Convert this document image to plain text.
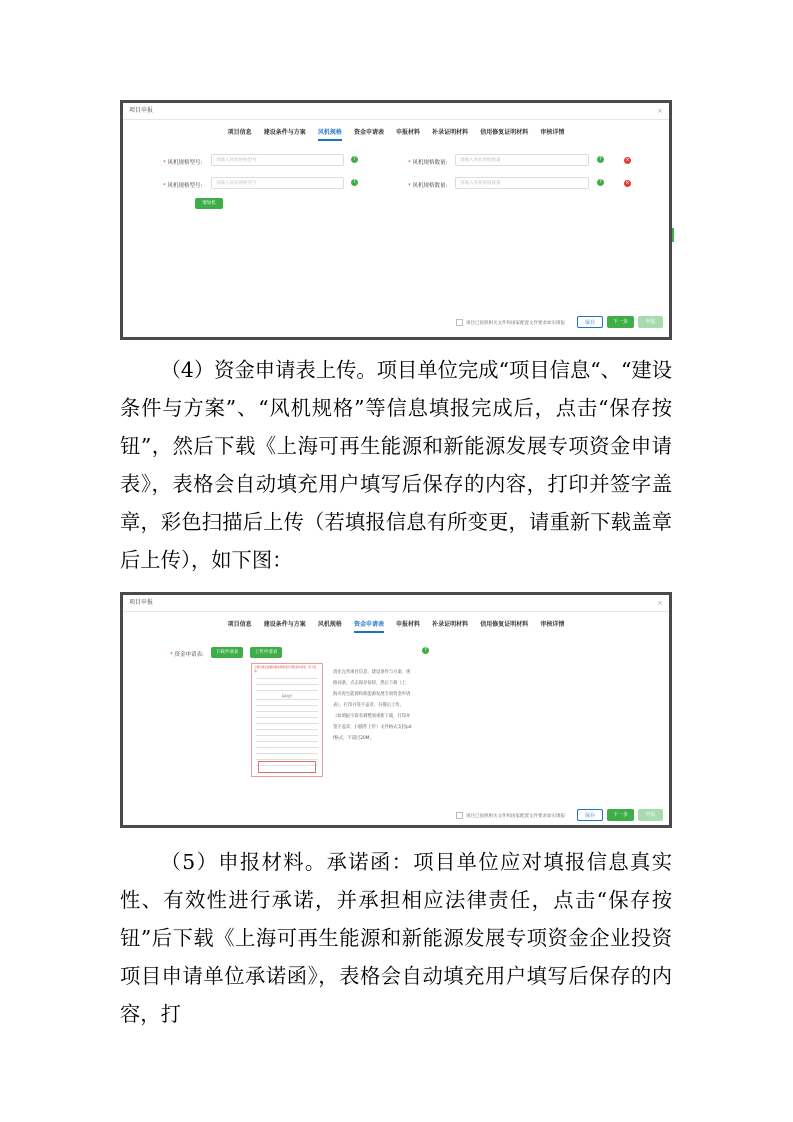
项目申报	×
项目信息 建设条件与方案 风机规格 资金申请表 申报材料 补录证明材料 信用修复证明材料 审核详情
* 风机规格型号:	请输入风机规格型号	?
* 风机规格数量:	请输入风机规格数量	?	×
* 风机规格型号:	请输入风机规格型号	?
* 风机规格数量:	请输入风机规格数量	?	×
增加机
项目已按照相关文件和国家配置文件要求如实填报	保存	下一步	申报
（4）资金申请表上传。项目单位完成“项目信息“、“建设条件与方案”、“风机规格”等信息填报完成后，点击“保存按钮”，然后下载《上海可再生能源和新能源发展专项资金申请表》，表格会自动填充用户填写后保存的内容，打印并签字盖章，彩色扫描后上传（若填报信息有所变更，请重新下载盖章后上传），如下图：
项目申报	×
项目信息 建设条件与方案 风机规格 资金申请表 申报材料 补录证明材料 信用修复证明材料 审核详情
* 资金申请表:	下载申请表	上传申请表	?
上海可再生能源和新能源发展专项资金申请表（风力发电）
基本信息
请先完善项目信息、建设条件与方案、规
格词条，点击保存按钮，然后下载《上
海可再生能源和新能源发展专项资金申请
表》，打印并签字盖章，扫描后上传。
（如填报字段有调整须重新下载，打印并
签字盖章，扫描件上传）文件格式支持pd
f格式，不超过20M。
项目已按照相关文件和国家配置文件要求如实填报	保存	下一步	申报
（5）申报材料。承诺函：项目单位应对填报信息真实性、有效性进行承诺，并承担相应法律责任，点击“保存按钮”后下载《上海可再生能源和新能源发展专项资金企业投资项目申请单位承诺函》，表格会自动填充用户填写后保存的内容，打
